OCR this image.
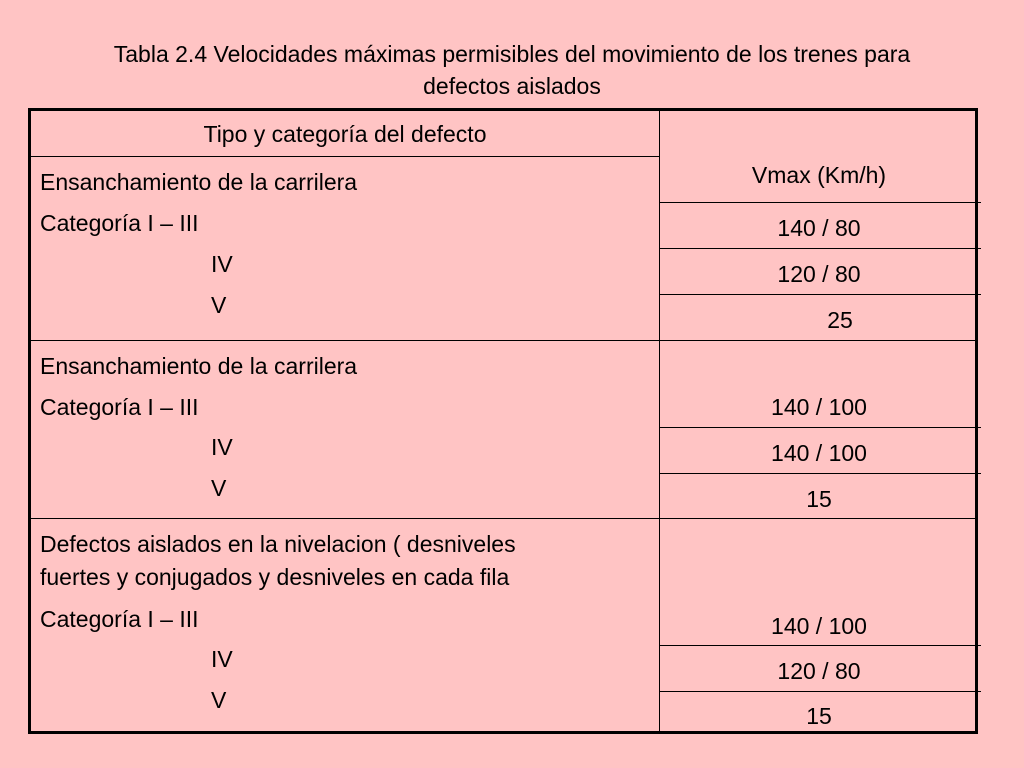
Tabla 2.4 Velocidades máximas permisibles del movimiento de los trenes para
defectos aislados
Tipo y categoría del defecto
Vmax (Km/h)
Ensanchamiento de la carrilera
Categoría I – III
IV
V
140 / 80
120 / 80
25
Ensanchamiento de la carrilera
Categoría I – III
IV
V
140 / 100
140 / 100
15
Defectos aislados en la nivelacion ( desniveles
fuertes y conjugados y desniveles en cada fila
Categoría I – III
IV
V
140 / 100
120 / 80
15
